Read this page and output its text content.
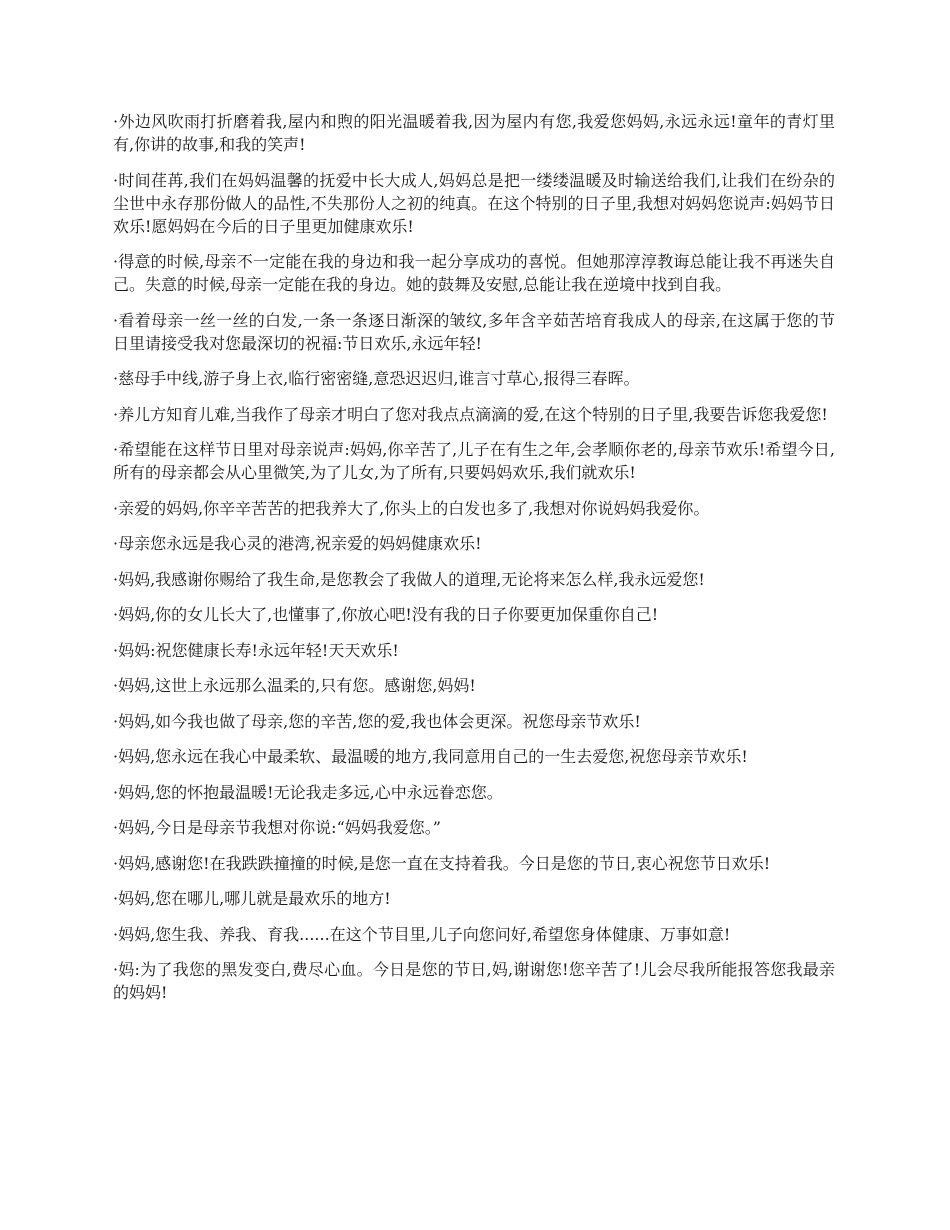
·外边风吹雨打折磨着我,屋内和煦的阳光温暖着我,因为屋内有您,我爱您妈妈,永远永远!童年的青灯里有,你讲的故事,和我的笑声!

·时间荏苒,我们在妈妈温馨的抚爱中长大成人,妈妈总是把一缕缕温暖及时输送给我们,让我们在纷杂的尘世中永存那份做人的品性,不失那份人之初的纯真。在这个特别的日子里,我想对妈妈您说声:妈妈节日欢乐!愿妈妈在今后的日子里更加健康欢乐!

·得意的时候,母亲不一定能在我的身边和我一起分享成功的喜悦。但她那淳淳教诲总能让我不再迷失自己。失意的时候,母亲一定能在我的身边。她的鼓舞及安慰,总能让我在逆境中找到自我。

·看着母亲一丝一丝的白发,一条一条逐日渐深的皱纹,多年含辛茹苦培育我成人的母亲,在这属于您的节日里请接受我对您最深切的祝福:节日欢乐,永远年轻!

·慈母手中线,游子身上衣,临行密密缝,意恐迟迟归,谁言寸草心,报得三春晖。

·养儿方知育儿难,当我作了母亲才明白了您对我点点滴滴的爱,在这个特别的日子里,我要告诉您我爱您!

·希望能在这样节日里对母亲说声:妈妈,你辛苦了,儿子在有生之年,会孝顺你老的,母亲节欢乐!希望今日,所有的母亲都会从心里微笑,为了儿女,为了所有,只要妈妈欢乐,我们就欢乐!

·亲爱的妈妈,你辛辛苦苦的把我养大了,你头上的白发也多了,我想对你说妈妈我爱你。

·母亲您永远是我心灵的港湾,祝亲爱的妈妈健康欢乐!

·妈妈,我感谢你赐给了我生命,是您教会了我做人的道理,无论将来怎么样,我永远爱您!

·妈妈,你的女儿长大了,也懂事了,你放心吧!没有我的日子你要更加保重你自己!

·妈妈:祝您健康长寿!永远年轻!天天欢乐!

·妈妈,这世上永远那么温柔的,只有您。感谢您,妈妈!

·妈妈,如今我也做了母亲,您的辛苦,您的爱,我也体会更深。祝您母亲节欢乐!

·妈妈,您永远在我心中最柔软、最温暖的地方,我同意用自己的一生去爱您,祝您母亲节欢乐!

·妈妈,您的怀抱最温暖!无论我走多远,心中永远眷恋您。

·妈妈,今日是母亲节我想对你说:“妈妈我爱您。”

·妈妈,感谢您!在我跌跌撞撞的时候,是您一直在支持着我。今日是您的节日,衷心祝您节日欢乐!

·妈妈,您在哪儿,哪儿就是最欢乐的地方!

·妈妈,您生我、养我、育我......在这个节目里,儿子向您问好,希望您身体健康、万事如意!

·妈:为了我您的黑发变白,费尽心血。今日是您的节日,妈,谢谢您!您辛苦了!儿会尽我所能报答您我最亲的妈妈!
